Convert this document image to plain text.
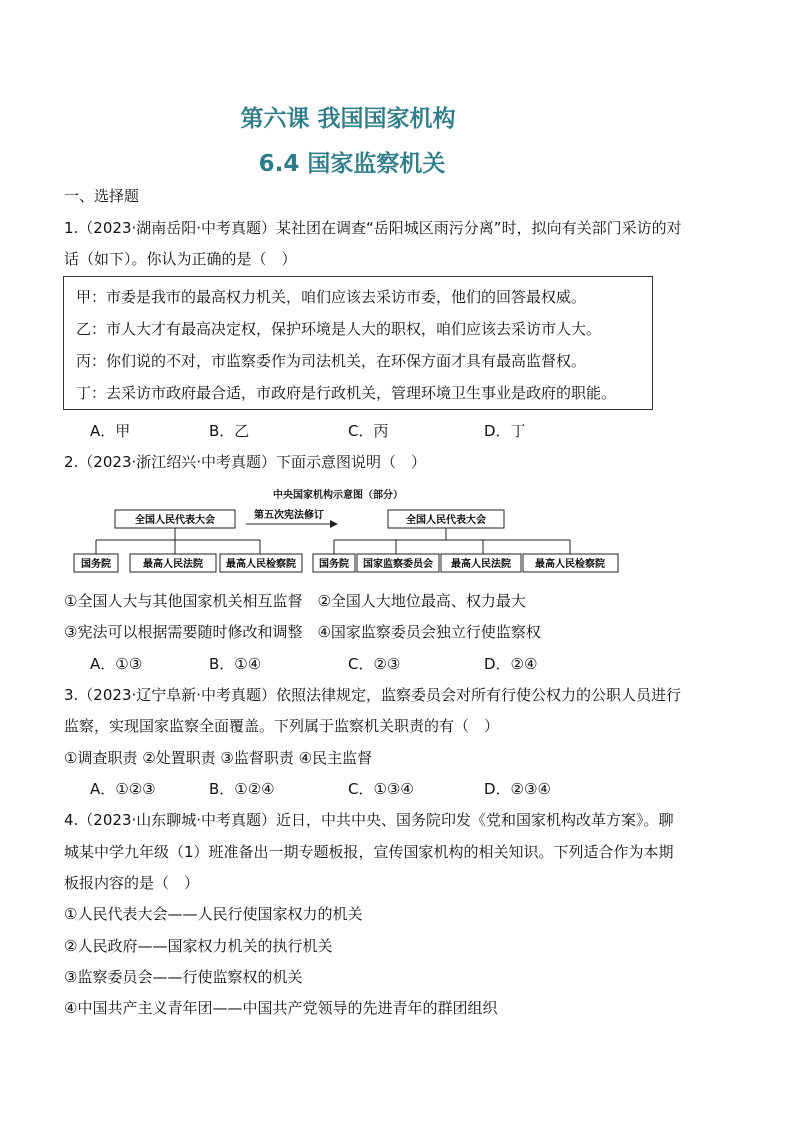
第六课 我国国家机构
6.4 国家监察机关
一、选择题
1.（2023·湖南岳阳·中考真题）某社团在调查“岳阳城区雨污分离”时，拟向有关部门采访的对
话（如下）。你认为正确的是（　）
甲：市委是我市的最高权力机关，咱们应该去采访市委，他们的回答最权威。
乙：市人大才有最高决定权，保护环境是人大的职权，咱们应该去采访市人大。
丙：你们说的不对，市监察委作为司法机关，在环保方面才具有最高监督权。
丁：去采访市政府最合适，市政府是行政机关，管理环境卫生事业是政府的职能。
A．甲	B．乙	C．丙	D．丁
2.（2023·浙江绍兴·中考真题）下面示意图说明（　）
中央国家机构示意图（部分）
全国人民代表大会
国务院	最高人民法院 最高人民检察院
第五次宪法修订	全国人民代表大会
国务院 国家监察委员会 最高人民法院 最高人民检察院
①全国人大与其他国家机关相互监督　②全国人大地位最高、权力最大
③宪法可以根据需要随时修改和调整　④国家监察委员会独立行使监察权
A．①③	B．①④	C．②③	D．②④
3.（2023·辽宁阜新·中考真题）依照法律规定，监察委员会对所有行使公权力的公职人员进行
监察，实现国家监察全面覆盖。下列属于监察机关职责的有（　）
①调查职责 ②处置职责 ③监督职责 ④民主监督
A．①②③	B．①②④	C．①③④	D．②③④
4.（2023·山东聊城·中考真题）近日，中共中央、国务院印发《党和国家机构改革方案》。聊
城某中学九年级（1）班准备出一期专题板报，宣传国家机构的相关知识。下列适合作为本期
板报内容的是（　）
①人民代表大会——人民行使国家权力的机关
②人民政府——国家权力机关的执行机关
③监察委员会——行使监察权的机关
④中国共产主义青年团——中国共产党领导的先进青年的群团组织
